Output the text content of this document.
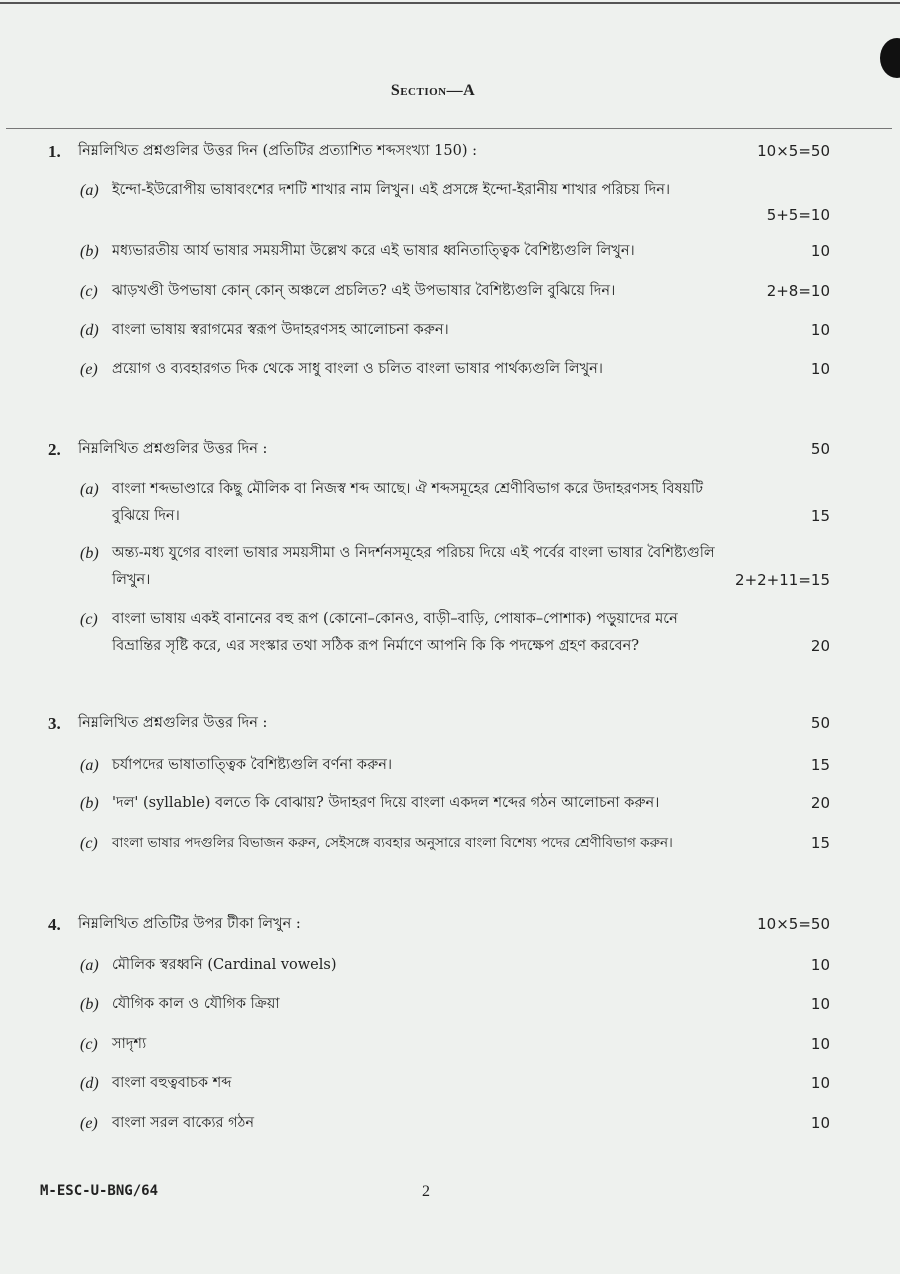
Section—A
1. নিম্নলিখিত প্রশ্নগুলির উত্তর দিন (প্রতিটির প্রত্যাশিত শব্দসংখ্যা 150) :	10×5=50
(a) ইন্দো-ইউরোপীয় ভাষাবংশের দশটি শাখার নাম লিখুন। এই প্রসঙ্গে ইন্দো-ইরানীয় শাখার পরিচয় দিন।
5+5=10
(b) মধ্যভারতীয় আর্য ভাষার সময়সীমা উল্লেখ করে এই ভাষার ধ্বনিতাত্ত্বিক বৈশিষ্ট্যগুলি লিখুন।	10
(c) ঝাড়খণ্ডী উপভাষা কোন্ কোন্ অঞ্চলে প্রচলিত? এই উপভাষার বৈশিষ্ট্যগুলি বুঝিয়ে দিন।	2+8=10
(d) বাংলা ভাষায় স্বরাগমের স্বরূপ উদাহরণসহ আলোচনা করুন।	10
(e) প্রয়োগ ও ব্যবহারগত দিক থেকে সাধু বাংলা ও চলিত বাংলা ভাষার পার্থক্যগুলি লিখুন।	10
2. নিম্নলিখিত প্রশ্নগুলির উত্তর দিন :	50
(a) বাংলা শব্দভাণ্ডারে কিছু মৌলিক বা নিজস্ব শব্দ আছে। ঐ শব্দসমূহের শ্রেণীবিভাগ করে উদাহরণসহ বিষয়টি
বুঝিয়ে দিন।	15
(b) অন্ত্য-মধ্য যুগের বাংলা ভাষার সময়সীমা ও নিদর্শনসমূহের পরিচয় দিয়ে এই পর্বের বাংলা ভাষার বৈশিষ্ট্যগুলি
লিখুন।	2+2+11=15
(c) বাংলা ভাষায় একই বানানের বহু রূপ (কোনো–কোনও, বাড়ী–বাড়ি, পোষাক–পোশাক) পড়ুয়াদের মনে
বিভ্রান্তির সৃষ্টি করে, এর সংস্কার তথা সঠিক রূপ নির্মাণে আপনি কি কি পদক্ষেপ গ্রহণ করবেন?	20
3. নিম্নলিখিত প্রশ্নগুলির উত্তর দিন :	50
(a) চর্যাপদের ভাষাতাত্ত্বিক বৈশিষ্ট্যগুলি বর্ণনা করুন।	15
(b) 'দল' (syllable) বলতে কি বোঝায়? উদাহরণ দিয়ে বাংলা একদল শব্দের গঠন আলোচনা করুন।	20
(c) বাংলা ভাষার পদগুলির বিভাজন করুন, সেইসঙ্গে ব্যবহার অনুসারে বাংলা বিশেষ্য পদের শ্রেণীবিভাগ করুন।	15
4. নিম্নলিখিত প্রতিটির উপর টীকা লিখুন :	10×5=50
(a) মৌলিক স্বরধ্বনি (Cardinal vowels)	10
(b) যৌগিক কাল ও যৌগিক ক্রিয়া	10
(c) সাদৃশ্য	10
(d) বাংলা বহুত্ববাচক শব্দ	10
(e) বাংলা সরল বাক্যের গঠন	10
M-ESC-U-BNG/64	2
